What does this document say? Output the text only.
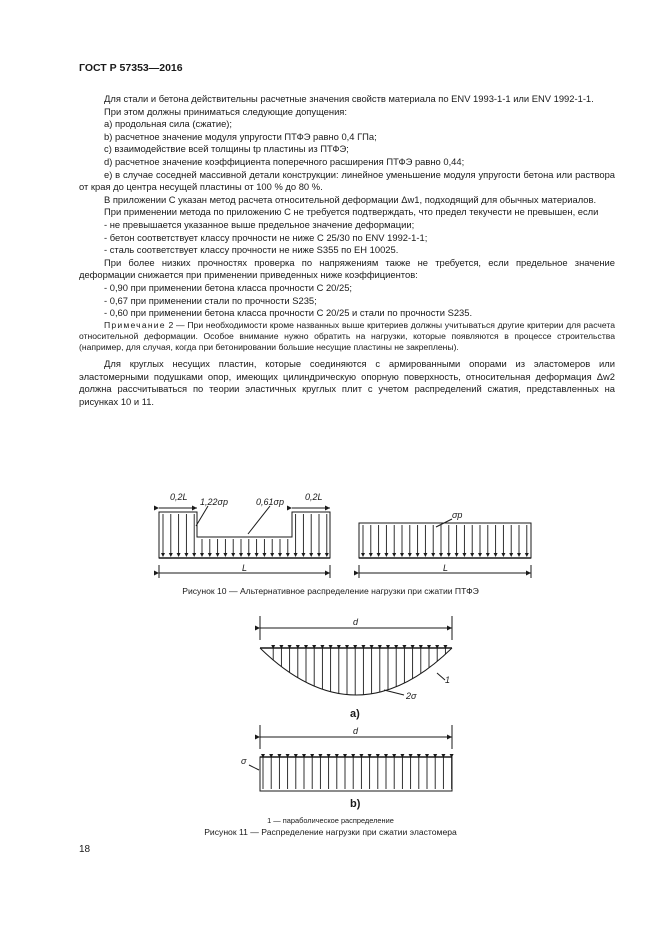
ГОСТ Р 57353—2016

Для стали и бетона действительны расчетные значения свойств материала по ENV 1993-1-1 или ENV 1992-1-1.

При этом должны приниматься следующие допущения:

а) продольная сила (сжатие);

b) расчетное значение модуля упругости ПТФЭ равно 0,4 ГПа;

с) взаимодействие всей толщины tp пластины из ПТФЭ;

d) расчетное значение коэффициента поперечного расширения ПТФЭ равно 0,44;

е) в случае соседней массивной детали конструкции: линейное уменьшение модуля упругости бетона или раствора от края до центра несущей пластины от 100 % до 80 %.

В приложении С указан метод расчета относительной деформации Δw1, подходящий для обычных материалов.

При применении метода по приложению С не требуется подтверждать, что предел текучести не превышен, если

- не превышается указанное выше предельное значение деформации;

- бетон соответствует классу прочности не ниже С 25/30 по ENV 1992-1-1;

- сталь соответствует классу прочности не ниже S355 по ЕН 10025.

При более низких прочностях проверка по напряжениям также не требуется, если предельное значение деформации снижается при применении приведенных ниже коэффициентов:

- 0,90 при применении бетона класса прочности С 20/25;

- 0,67 при применении стали по прочности S235;

- 0,60 при применении бетона класса прочности С 20/25 и стали по прочности S235.

Примечание 2 — При необходимости кроме названных выше критериев должны учитываться другие критерии для расчета относительной деформации. Особое внимание нужно обратить на нагрузки, которые появляются в процессе строительства (например, для случая, когда при бетонировании большие несущие пластины не закреплены).

Для круглых несущих пластин, которые соединяются с армированными опорами из эластомеров или эластомерными подушками опор, имеющих цилиндрическую опорную поверхность, относительная деформация Δw2 должна рассчитываться по теории эластичных круглых плит с учетом распределений сжатия, представленных на рисунках 10 и 11.

0,2L 1,22σp	0,61σp 0,2L
L
σp
L
d
2σ
1
a)
d
σ
b)
Рисунок 10 — Альтернативное распределение нагрузки при сжатии ПТФЭ
1 — параболическое распределение
Рисунок 11 — Распределение нагрузки при сжатии эластомера
18
